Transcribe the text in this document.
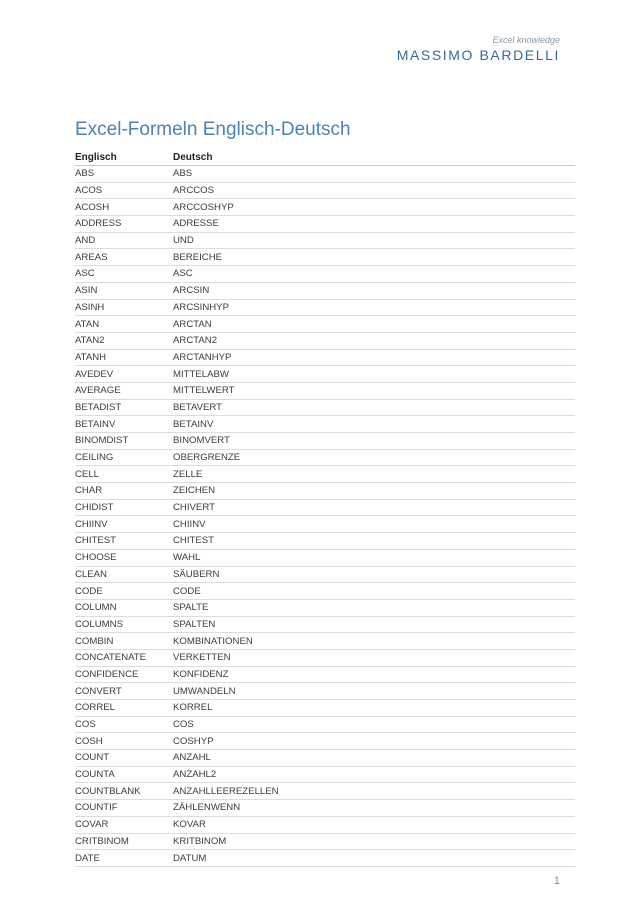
Excel knowledge
MASSIMO BARDELLI
Excel-Formeln Englisch-Deutsch
Englisch	Deutsch
ABS	ABS
ACOS	ARCCOS
ACOSH	ARCCOSHYP
ADDRESS	ADRESSE
AND	UND
AREAS	BEREICHE
ASC	ASC
ASIN	ARCSIN
ASINH	ARCSINHYP
ATAN	ARCTAN
ATAN2	ARCTAN2
ATANH	ARCTANHYP
AVEDEV	MITTELABW
AVERAGE	MITTELWERT
BETADIST	BETAVERT
BETAINV	BETAINV
BINOMDIST	BINOMVERT
CEILING	OBERGRENZE
CELL	ZELLE
CHAR	ZEICHEN
CHIDIST	CHIVERT
CHIINV	CHIINV
CHITEST	CHITEST
CHOOSE	WAHL
CLEAN	SÄUBERN
CODE	CODE
COLUMN	SPALTE
COLUMNS	SPALTEN
COMBIN	KOMBINATIONEN
CONCATENATE	VERKETTEN
CONFIDENCE	KONFIDENZ
CONVERT	UMWANDELN
CORREL	KORREL
COS	COS
COSH	COSHYP
COUNT	ANZAHL
COUNTA	ANZAHL2
COUNTBLANK	ANZAHLLEEREZELLEN
COUNTIF	ZÄHLENWENN
COVAR	KOVAR
CRITBINOM	KRITBINOM
DATE	DATUM
1
